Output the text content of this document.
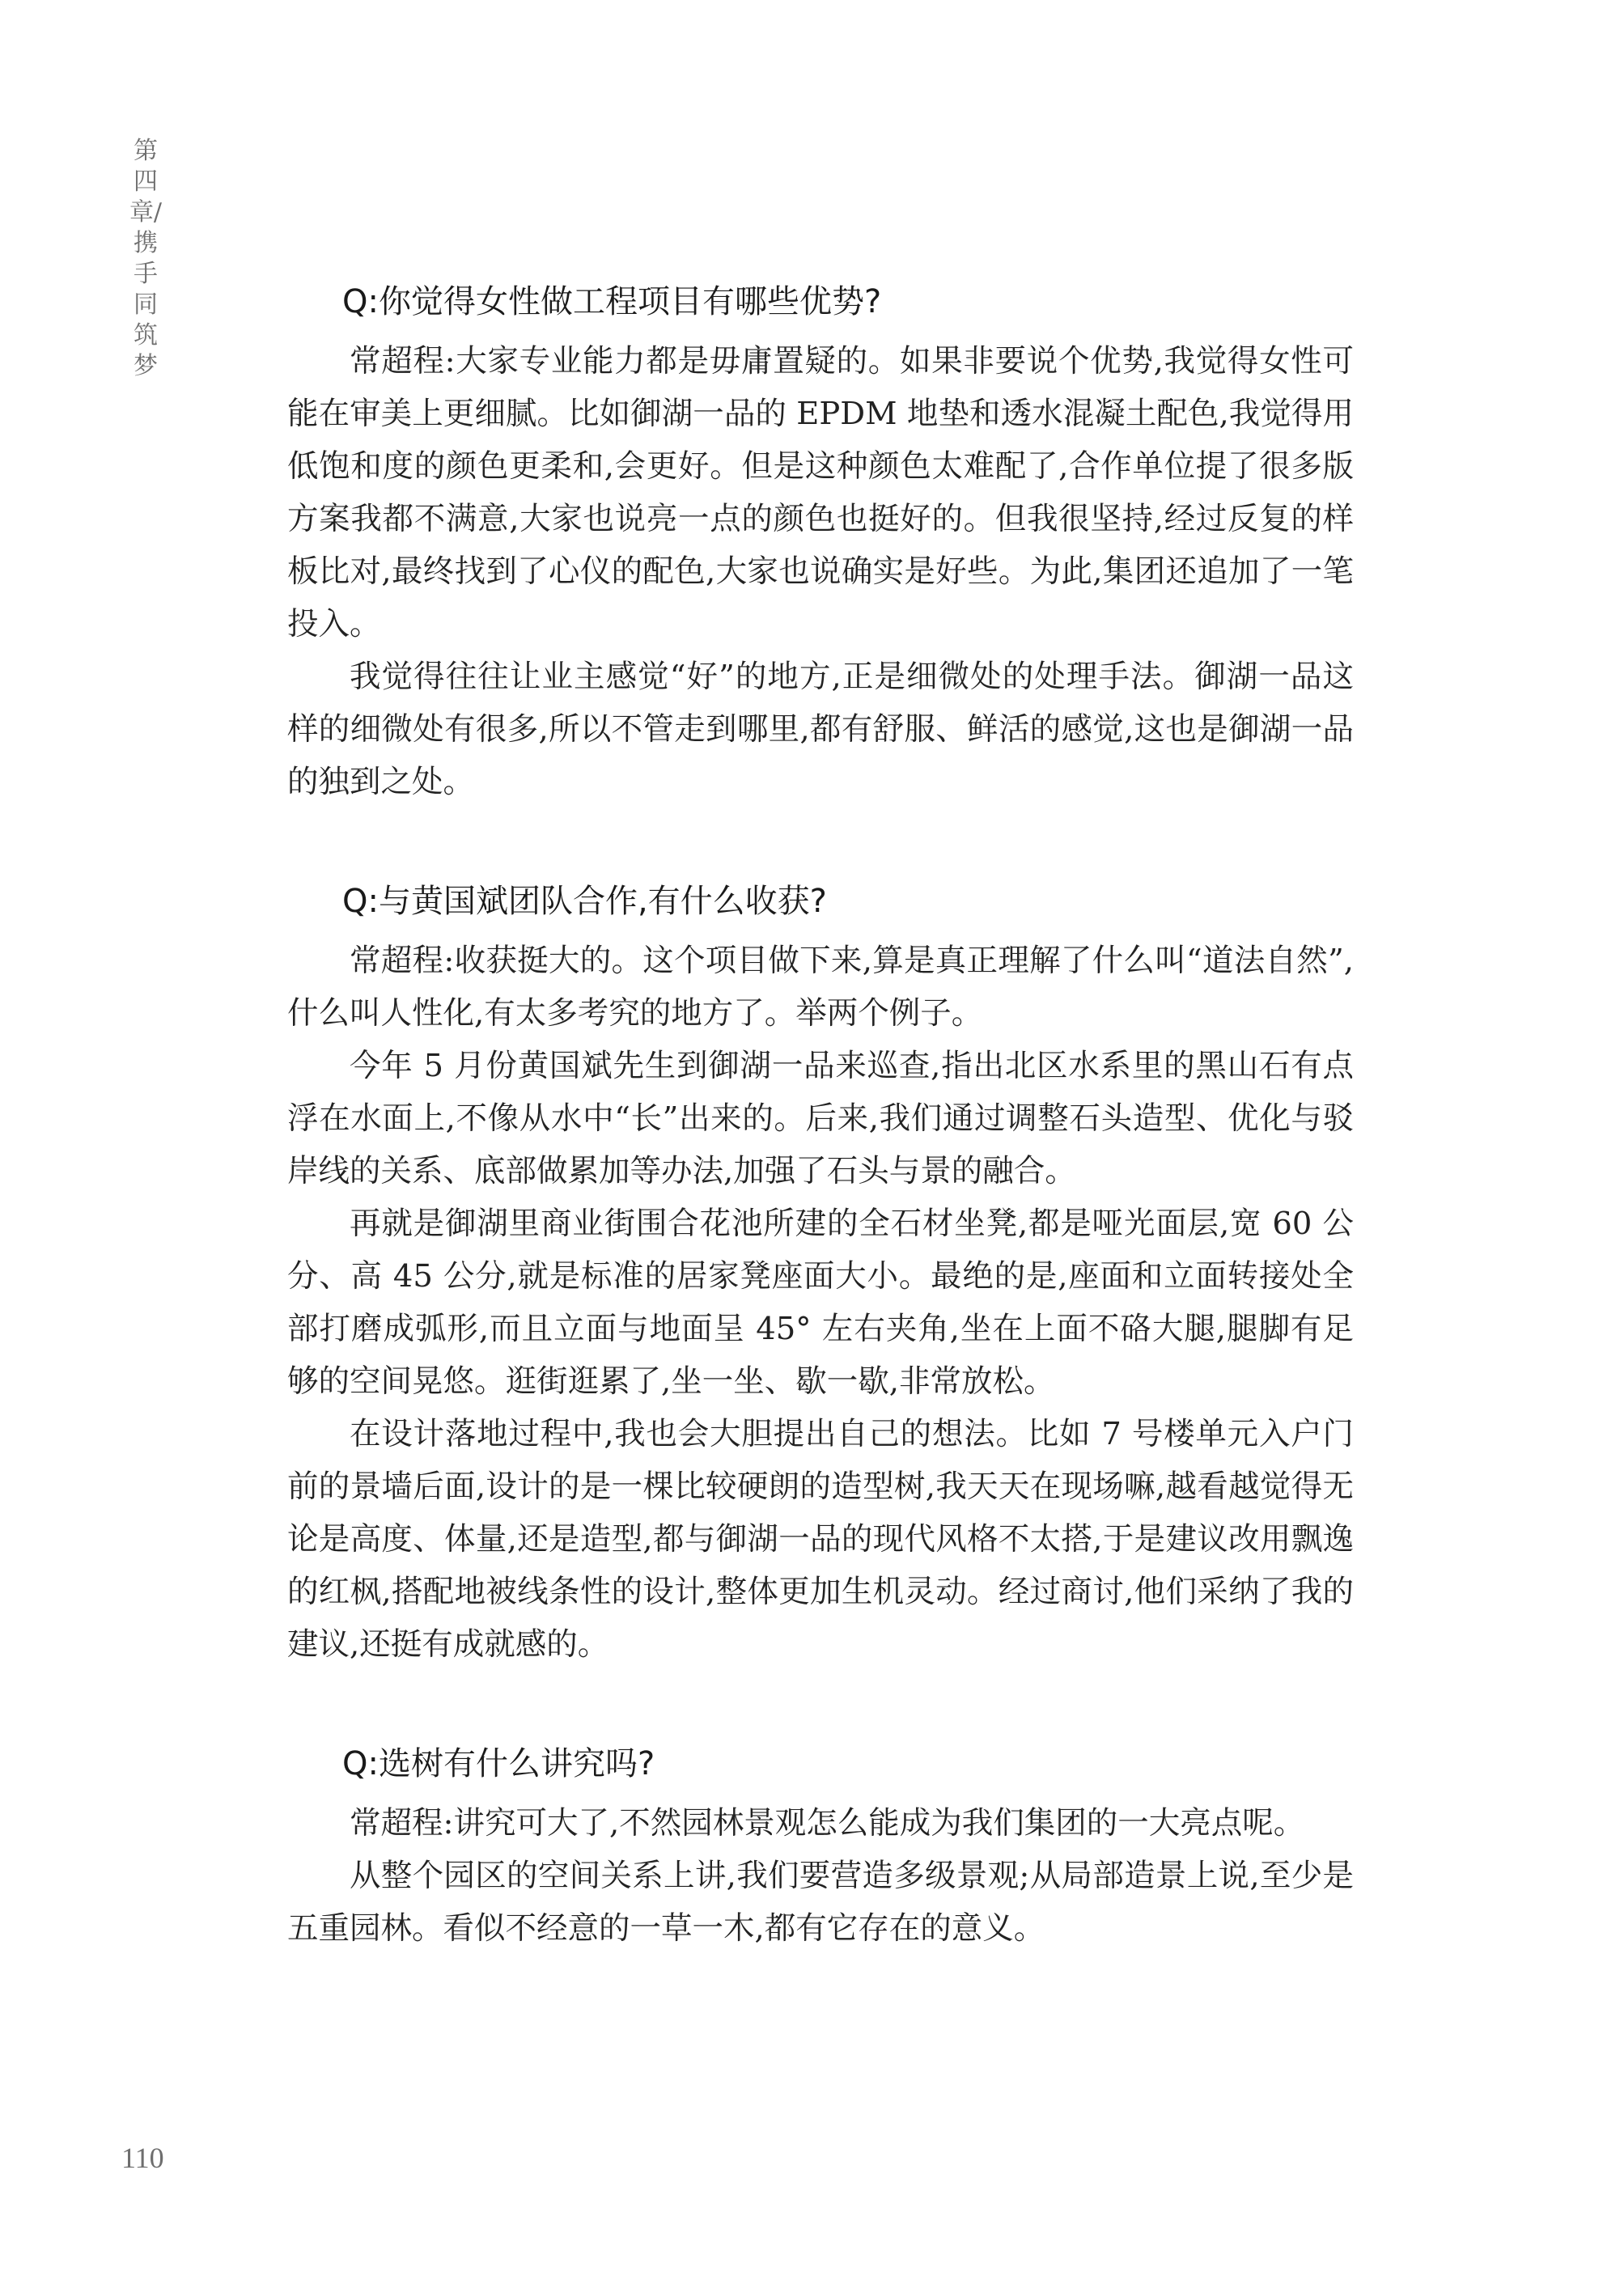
第四章/携手同筑梦

Q:你觉得女性做工程项目有哪些优势?

常超程:大家专业能力都是毋庸置疑的。如果非要说个优势,我觉得女性可能在审美上更细腻。比如御湖一品的 EPDM 地垫和透水混凝土配色,我觉得用低饱和度的颜色更柔和,会更好。但是这种颜色太难配了,合作单位提了很多版方案我都不满意,大家也说亮一点的颜色也挺好的。但我很坚持,经过反复的样板比对,最终找到了心仪的配色,大家也说确实是好些。为此,集团还追加了一笔投入。

我觉得往往让业主感觉“好”的地方,正是细微处的处理手法。御湖一品这样的细微处有很多,所以不管走到哪里,都有舒服、鲜活的感觉,这也是御湖一品的独到之处。

Q:与黄国斌团队合作,有什么收获?

常超程:收获挺大的。这个项目做下来,算是真正理解了什么叫“道法自然”,什么叫人性化,有太多考究的地方了。举两个例子。

今年 5 月份黄国斌先生到御湖一品来巡查,指出北区水系里的黑山石有点浮在水面上,不像从水中“长”出来的。后来,我们通过调整石头造型、优化与驳岸线的关系、底部做累加等办法,加强了石头与景的融合。

再就是御湖里商业街围合花池所建的全石材坐凳,都是哑光面层,宽 60 公分、高 45 公分,就是标准的居家凳座面大小。最绝的是,座面和立面转接处全部打磨成弧形,而且立面与地面呈 45° 左右夹角,坐在上面不硌大腿,腿脚有足够的空间晃悠。逛街逛累了,坐一坐、歇一歇,非常放松。

在设计落地过程中,我也会大胆提出自己的想法。比如 7 号楼单元入户门前的景墙后面,设计的是一棵比较硬朗的造型树,我天天在现场嘛,越看越觉得无论是高度、体量,还是造型,都与御湖一品的现代风格不太搭,于是建议改用飘逸的红枫,搭配地被线条性的设计,整体更加生机灵动。经过商讨,他们采纳了我的建议,还挺有成就感的。

Q:选树有什么讲究吗?

常超程:讲究可大了,不然园林景观怎么能成为我们集团的一大亮点呢。

从整个园区的空间关系上讲,我们要营造多级景观;从局部造景上说,至少是五重园林。看似不经意的一草一木,都有它存在的意义。

110
